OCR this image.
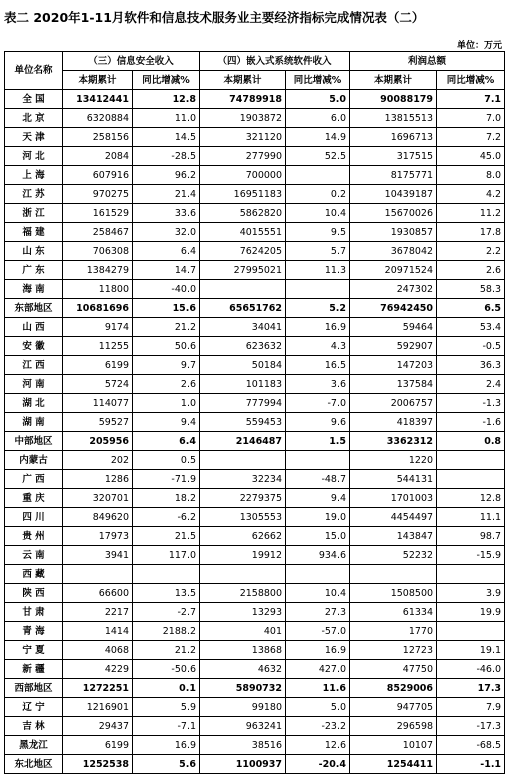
表二 2020年1-11月软件和信息技术服务业主要经济指标完成情况表（二）
单位：万元
单位名称	（三）信息安全收入		（四）嵌入式系统软件收入		利润总额	
	本期累计	同比增减%	本期累计	同比增减%	本期累计	同比增减%
全 国	13412441	12.8	74789918	5.0	90088179	7.1
北 京	6320884	11.0	1903872	6.0	13815513	7.0
天 津	258156	14.5	321120	14.9	1696713	7.2
河 北	2084	-28.5	277990	52.5	317515	45.0
上 海	607916	96.2	700000		8175771	8.0
江 苏	970275	21.4	16951183	0.2	10439187	4.2
浙 江	161529	33.6	5862820	10.4	15670026	11.2
福 建	258467	32.0	4015551	9.5	1930857	17.8
山 东	706308	6.4	7624205	5.7	3678042	2.2
广 东	1384279	14.7	27995021	11.3	20971524	2.6
海 南	11800	-40.0			247302	58.3
东部地区	10681696	15.6	65651762	5.2	76942450	6.5
山 西	9174	21.2	34041	16.9	59464	53.4
安 徽	11255	50.6	623632	4.3	592907	-0.5
江 西	6199	9.7	50184	16.5	147203	36.3
河 南	5724	2.6	101183	3.6	137584	2.4
湖 北	114077	1.0	777994	-7.0	2006757	-1.3
湖 南	59527	9.4	559453	9.6	418397	-1.6
中部地区	205956	6.4	2146487	1.5	3362312	0.8
内蒙古	202	0.5			1220	
广 西	1286	-71.9	32234	-48.7	544131	
重 庆	320701	18.2	2279375	9.4	1701003	12.8
四 川	849620	-6.2	1305553	19.0	4454497	11.1
贵 州	17973	21.5	62662	15.0	143847	98.7
云 南	3941	117.0	19912	934.6	52232	-15.9
西 藏						
陕 西	66600	13.5	2158800	10.4	1508500	3.9
甘 肃	2217	-2.7	13293	27.3	61334	19.9
青 海	1414	2188.2	401	-57.0	1770	
宁 夏	4068	21.2	13868	16.9	12723	19.1
新 疆	4229	-50.6	4632	427.0	47750	-46.0
西部地区	1272251	0.1	5890732	11.6	8529006	17.3
辽 宁	1216901	5.9	99180	5.0	947705	7.9
吉 林	29437	-7.1	963241	-23.2	296598	-17.3
黑龙江	6199	16.9	38516	12.6	10107	-68.5
东北地区	1252538	5.6	1100937	-20.4	1254411	-1.1
